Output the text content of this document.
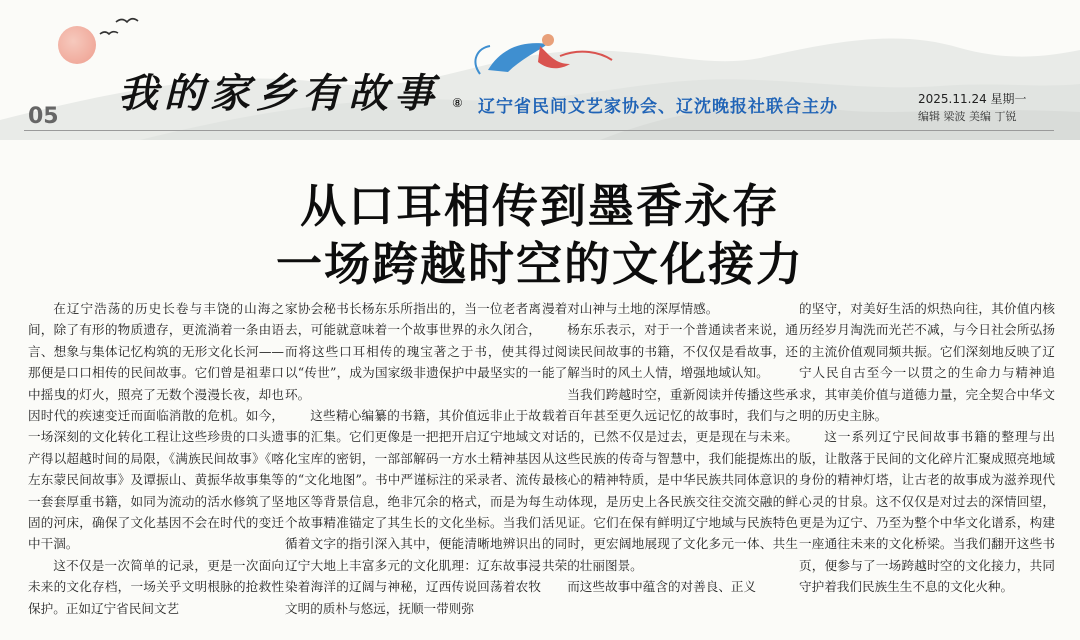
我的家乡有故事 ⑧
05	辽宁省民间文艺家协会、辽沈晚报社联合主办	2025.11.24 星期一
编辑 梁波 美编 丁锐
从口耳相传到墨香永存
一场跨越时空的文化接力

在辽宁浩荡的历史长卷与丰饶的山海之间，除了有形的物质遗存，更流淌着一条由语言、想象与集体记忆构筑的无形文化长河——那便是口口相传的民间故事。它们曾是祖辈口中摇曳的灯火，照亮了无数个漫漫长夜，却也因时代的疾速变迁而面临消散的危机。如今，一场深刻的文化转化工程让这些珍贵的口头遗产得以超越时间的局限，《满族民间故事》《喀左东蒙民间故事》及谭振山、黄振华故事集等一套套厚重书籍，如同为流动的活水修筑了坚固的河床，确保了文化基因不会在时代的变迁中干涸。

这不仅是一次简单的记录，更是一次面向未来的文化存档，一场关乎文明根脉的抢救性保护。正如辽宁省民间文艺

家协会秘书长杨东乐所指出的，当一位老者离去，可能就意味着一个故事世界的永久闭合，而将这些口耳相传的瑰宝著之于书，使其得以“传世”，成为国家级非遗保护中最坚实的一环。

这些精心编纂的书籍，其价值远非止于故事的汇集。它们更像是一把把开启辽宁地域文化宝库的密钥，一部部解码一方水土精神基因的“文化地图”。书中严谨标注的采录者、流传地区等背景信息，绝非冗余的格式，而是为每个故事精准锚定了其生长的文化坐标。当我们循着文字的指引深入其中，便能清晰地辨识出辽宁大地上丰富多元的文化肌理：辽东故事浸染着海洋的辽阔与神秘，辽西传说回荡着农牧文明的质朴与悠远，抚顺一带则弥

漫着对山神与土地的深厚情感。

杨东乐表示，对于一个普通读者来说，通过阅读民间故事的书籍，不仅仅是看故事，还能了解当时的风土人情，增强地域认知。

当我们跨越时空，重新阅读并传播这些承载着百年甚至更久远记忆的故事时，我们与之对话的，已然不仅是过去，更是现在与未来。从这些民族的传奇与智慧中，我们能提炼出的最核心的精神特质，是中华民族共同体意识的生动体现，是历史上各民族交往交流交融的鲜活见证。它们在保有鲜明辽宁地域与民族特色的同时，更宏阔地展现了文化多元一体、共生共荣的壮丽图景。

而这些故事中蕴含的对善良、正义

的坚守，对美好生活的炽热向往，其价值内核历经岁月淘洗而光芒不减，与今日社会所弘扬的主流价值观同频共振。它们深刻地反映了辽宁人民自古至今一以贯之的生命力与精神追求，其审美价值与道德力量，完全契合中华文明的历史主脉。

这一系列辽宁民间故事书籍的整理与出版，让散落于民间的文化碎片汇聚成照亮地域身份的精神灯塔，让古老的故事成为滋养现代心灵的甘泉。这不仅仅是对过去的深情回望，更是为辽宁、乃至为整个中华文化谱系，构建一座通往未来的文化桥梁。当我们翻开这些书页，便参与了一场跨越时空的文化接力，共同守护着我们民族生生不息的文化火种。
